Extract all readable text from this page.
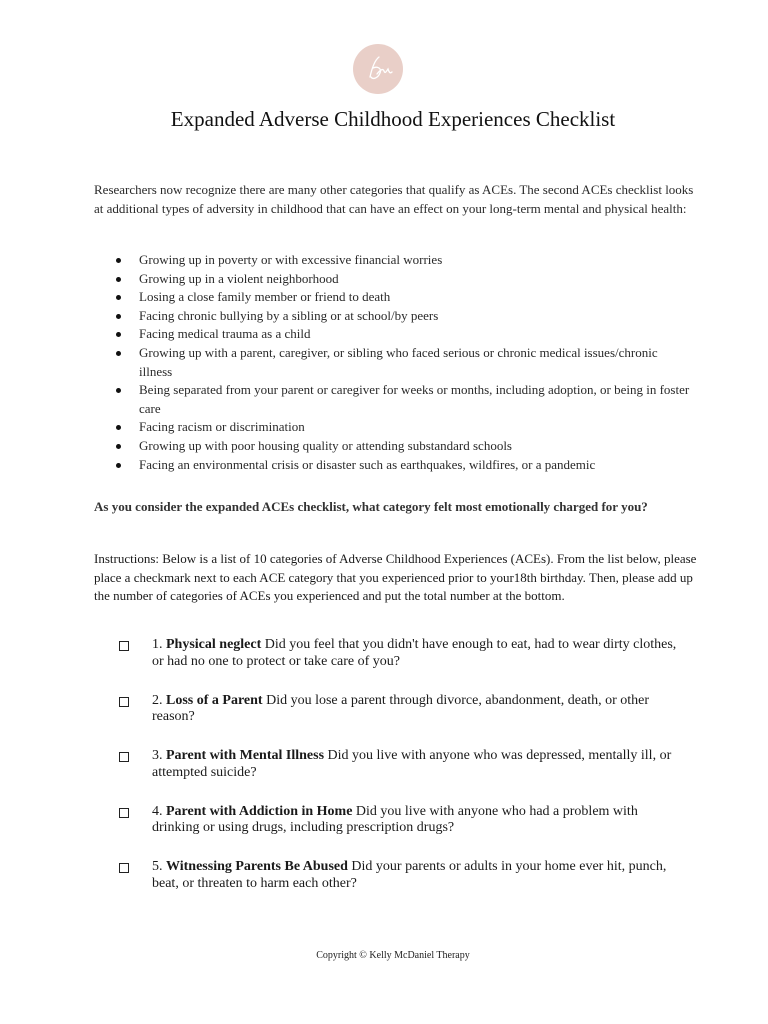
Expanded Adverse Childhood Experiences Checklist
Researchers now recognize there are many other categories that qualify as ACEs. The second ACEs checklist looks at additional types of adversity in childhood that can have an effect on your long-term mental and physical health:
Growing up in poverty or with excessive financial worries
Growing up in a violent neighborhood
Losing a close family member or friend to death
Facing chronic bullying by a sibling or at school/by peers
Facing medical trauma as a child
Growing up with a parent, caregiver, or sibling who faced serious or chronic medical issues/chronic illness
Being separated from your parent or caregiver for weeks or months, including adoption, or being in foster care
Facing racism or discrimination
Growing up with poor housing quality or attending substandard schools
Facing an environmental crisis or disaster such as earthquakes, wildfires, or a pandemic
As you consider the expanded ACEs checklist, what category felt most emotionally charged for you?
Instructions: Below is a list of 10 categories of Adverse Childhood Experiences (ACEs). From the list below, please place a checkmark next to each ACE category that you experienced prior to your18th birthday. Then, please add up the number of categories of ACEs you experienced and put the total number at the bottom.
1. Physical neglect Did you feel that you didn't have enough to eat, had to wear dirty clothes, or had no one to protect or take care of you?
2. Loss of a Parent Did you lose a parent through divorce, abandonment, death, or other reason?
3. Parent with Mental Illness Did you live with anyone who was depressed, mentally ill, or attempted suicide?
4. Parent with Addiction in Home Did you live with anyone who had a problem with drinking or using drugs, including prescription drugs?
5. Witnessing Parents Be Abused Did your parents or adults in your home ever hit, punch, beat, or threaten to harm each other?
Copyright © Kelly McDaniel Therapy
